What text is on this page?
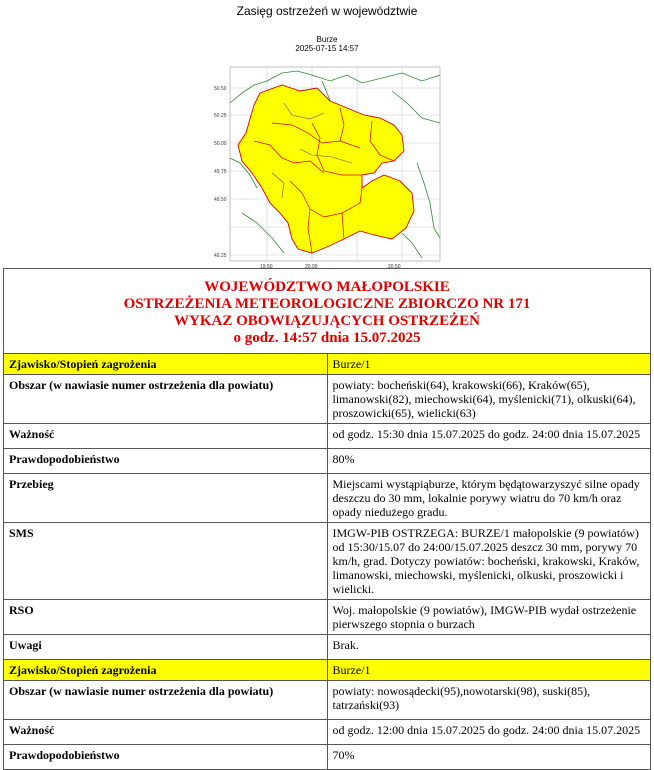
Zasięg ostrzeżeń w województwie
Burze
2025-07-15 14:57
50.50
50.25
50.00
49.75
49.50
49.25
19.50	20.00	20.50
WOJEWÓDZTWO MAŁOPOLSKIE
OSTRZEŻENIA METEOROLOGICZNE ZBIORCZO NR 171
WYKAZ OBOWIĄZUJĄCYCH OSTRZEŻEŃ
o godz. 14:57 dnia 15.07.2025	

Zjawisko/Stopień zagrożenia	Burze/1
Obszar (w nawiasie numer ostrzeżenia dla powiatu)	powiaty: bocheński(64), krakowski(66), Kraków(65), limanowski(82), miechowski(64), myślenicki(71), olkuski(64), proszowicki(65), wielicki(63)
Ważność	od godz. 15:30 dnia 15.07.2025 do godz. 24:00 dnia 15.07.2025
Prawdopodobieństwo	80%
Przebieg	Miejscami wystąpiąburze, którym będątowarzyszyć silne opady deszczu do 30 mm, lokalnie porywy wiatru do 70 km/h oraz opady niedużego gradu.
SMS	IMGW-PIB OSTRZEGA: BURZE/1 małopolskie (9 powiatów) od 15:30/15.07 do 24:00/15.07.2025 deszcz 30 mm, porywy 70 km/h, grad. Dotyczy powiatów: bocheński, krakowski, Kraków, limanowski, miechowski, myślenicki, olkuski, proszowicki i wielicki.
RSO	Woj. małopolskie (9 powiatów), IMGW-PIB wydał ostrzeżenie pierwszego stopnia o burzach
Uwagi	Brak.
Zjawisko/Stopień zagrożenia	Burze/1
Obszar (w nawiasie numer ostrzeżenia dla powiatu)	powiaty: nowosądecki(95),nowotarski(98), suski(85), tatrzański(93)
Ważność	od godz. 12:00 dnia 15.07.2025 do godz. 24:00 dnia 15.07.2025
Prawdopodobieństwo	70%
